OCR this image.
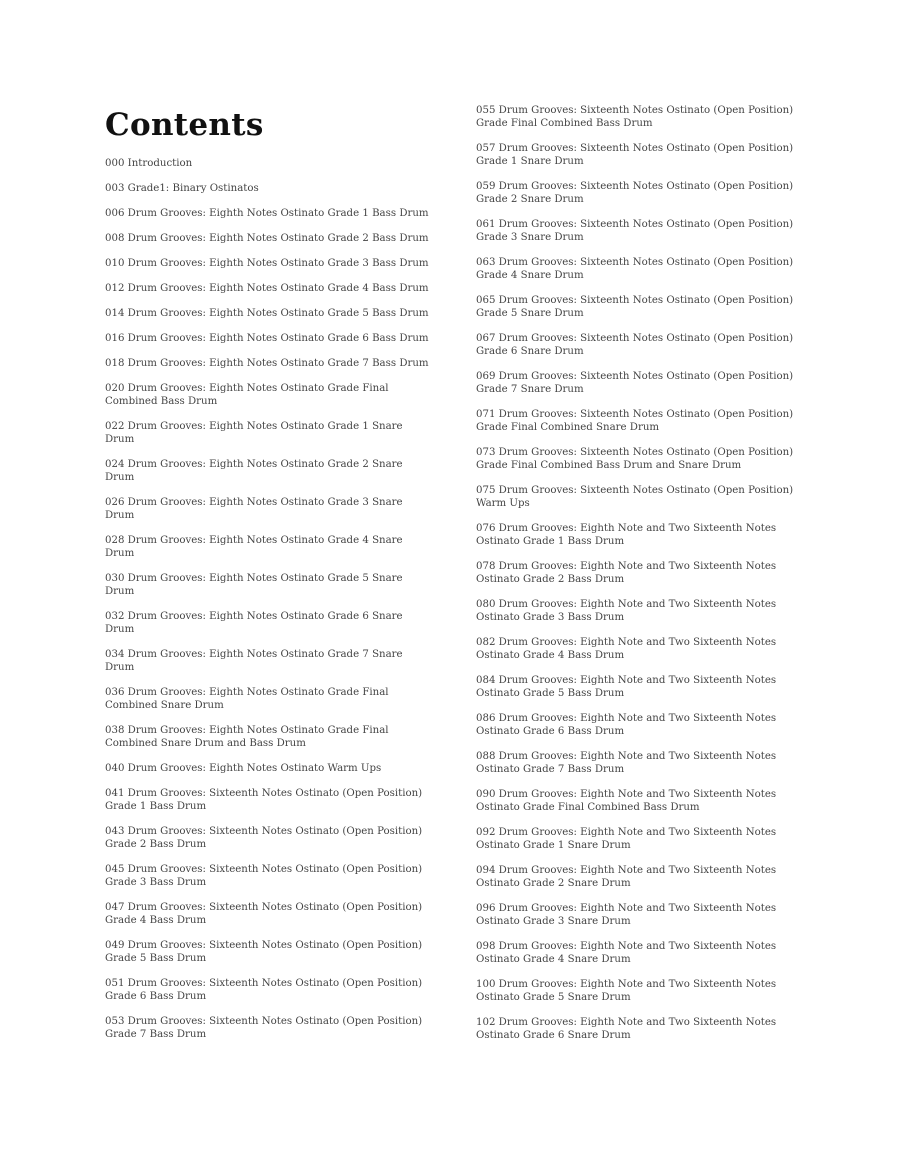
Contents
000 Introduction
003 Grade1: Binary Ostinatos
006 Drum Grooves: Eighth Notes Ostinato Grade 1 Bass Drum
008 Drum Grooves: Eighth Notes Ostinato Grade 2 Bass Drum
010 Drum Grooves: Eighth Notes Ostinato Grade 3 Bass Drum
012 Drum Grooves: Eighth Notes Ostinato Grade 4 Bass Drum
014 Drum Grooves: Eighth Notes Ostinato Grade 5 Bass Drum
016 Drum Grooves: Eighth Notes Ostinato Grade 6 Bass Drum
018 Drum Grooves: Eighth Notes Ostinato Grade 7 Bass Drum
020 Drum Grooves: Eighth Notes Ostinato Grade Final Combined Bass Drum
022 Drum Grooves: Eighth Notes Ostinato Grade 1 Snare Drum
024 Drum Grooves: Eighth Notes Ostinato Grade 2 Snare Drum
026 Drum Grooves: Eighth Notes Ostinato Grade 3 Snare Drum
028 Drum Grooves: Eighth Notes Ostinato Grade 4 Snare Drum
030 Drum Grooves: Eighth Notes Ostinato Grade 5 Snare Drum
032 Drum Grooves: Eighth Notes Ostinato Grade 6 Snare Drum
034 Drum Grooves: Eighth Notes Ostinato Grade 7 Snare Drum
036 Drum Grooves: Eighth Notes Ostinato Grade Final Combined Snare Drum
038 Drum Grooves: Eighth Notes Ostinato Grade Final Combined Snare Drum and Bass Drum
040 Drum Grooves: Eighth Notes Ostinato Warm Ups
041 Drum Grooves: Sixteenth Notes Ostinato (Open Position) Grade 1 Bass Drum
043 Drum Grooves: Sixteenth Notes Ostinato (Open Position) Grade 2 Bass Drum
045 Drum Grooves: Sixteenth Notes Ostinato (Open Position) Grade 3 Bass Drum
047 Drum Grooves: Sixteenth Notes Ostinato (Open Position) Grade 4 Bass Drum
049 Drum Grooves: Sixteenth Notes Ostinato (Open Position) Grade 5 Bass Drum
051 Drum Grooves: Sixteenth Notes Ostinato (Open Position) Grade 6 Bass Drum
053 Drum Grooves: Sixteenth Notes Ostinato (Open Position) Grade 7 Bass Drum
055 Drum Grooves: Sixteenth Notes Ostinato (Open Position) Grade Final Combined Bass Drum
057 Drum Grooves: Sixteenth Notes Ostinato (Open Position) Grade 1 Snare Drum
059 Drum Grooves: Sixteenth Notes Ostinato (Open Position) Grade 2 Snare Drum
061 Drum Grooves: Sixteenth Notes Ostinato (Open Position) Grade 3 Snare Drum
063 Drum Grooves: Sixteenth Notes Ostinato (Open Position) Grade 4 Snare Drum
065 Drum Grooves: Sixteenth Notes Ostinato (Open Position) Grade 5 Snare Drum
067 Drum Grooves: Sixteenth Notes Ostinato (Open Position) Grade 6 Snare Drum
069 Drum Grooves: Sixteenth Notes Ostinato (Open Position) Grade 7 Snare Drum
071 Drum Grooves: Sixteenth Notes Ostinato (Open Position) Grade Final Combined Snare Drum
073 Drum Grooves: Sixteenth Notes Ostinato (Open Position) Grade Final Combined Bass Drum and Snare Drum
075 Drum Grooves: Sixteenth Notes Ostinato (Open Position) Warm Ups
076 Drum Grooves: Eighth Note and Two Sixteenth Notes Ostinato Grade 1 Bass Drum
078 Drum Grooves: Eighth Note and Two Sixteenth Notes Ostinato Grade 2 Bass Drum
080 Drum Grooves: Eighth Note and Two Sixteenth Notes Ostinato Grade 3 Bass Drum
082 Drum Grooves: Eighth Note and Two Sixteenth Notes Ostinato Grade 4 Bass Drum
084 Drum Grooves: Eighth Note and Two Sixteenth Notes Ostinato Grade 5 Bass Drum
086 Drum Grooves: Eighth Note and Two Sixteenth Notes Ostinato Grade 6 Bass Drum
088 Drum Grooves: Eighth Note and Two Sixteenth Notes Ostinato Grade 7 Bass Drum
090 Drum Grooves: Eighth Note and Two Sixteenth Notes Ostinato Grade Final Combined Bass Drum
092 Drum Grooves: Eighth Note and Two Sixteenth Notes Ostinato Grade 1 Snare Drum
094 Drum Grooves: Eighth Note and Two Sixteenth Notes Ostinato Grade 2 Snare Drum
096 Drum Grooves: Eighth Note and Two Sixteenth Notes Ostinato Grade 3 Snare Drum
098 Drum Grooves: Eighth Note and Two Sixteenth Notes Ostinato Grade 4 Snare Drum
100 Drum Grooves: Eighth Note and Two Sixteenth Notes Ostinato Grade 5 Snare Drum
102 Drum Grooves: Eighth Note and Two Sixteenth Notes Ostinato Grade 6 Snare Drum
